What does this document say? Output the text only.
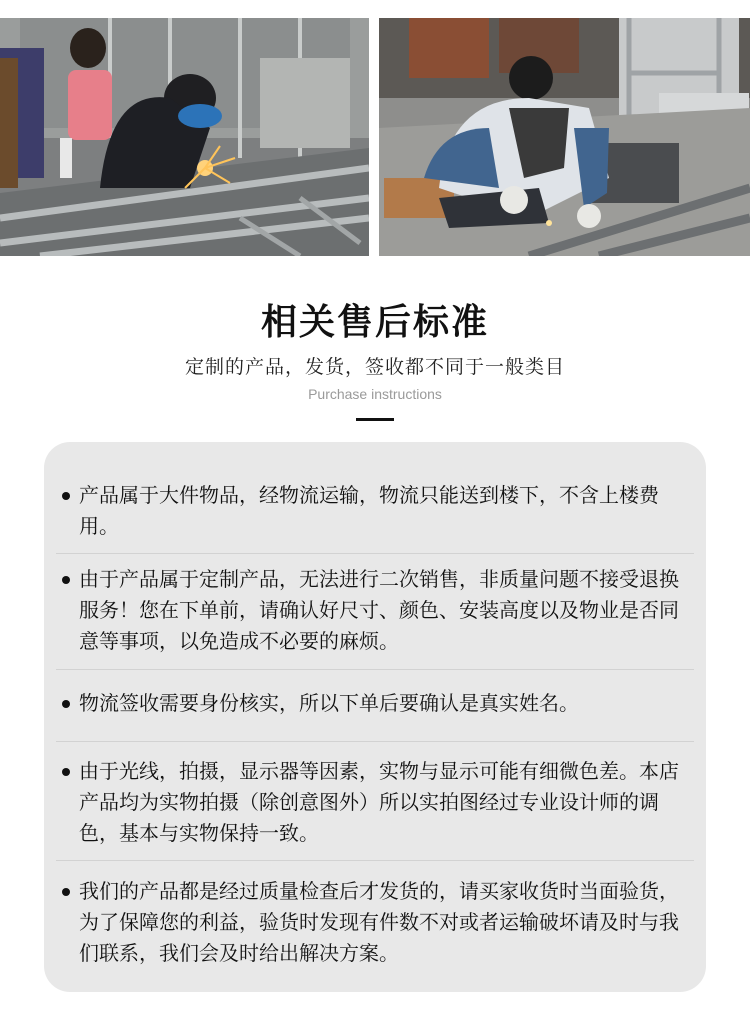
相关售后标准
定制的产品，发货，签收都不同于一般类目
Purchase instructions
产品属于大件物品，经物流运输，物流只能送到楼下，不含上楼费用。
由于产品属于定制产品，无法进行二次销售，非质量问题不接受退换服务！您在下单前，请确认好尺寸、颜色、安装高度以及物业是否同意等事项，以免造成不必要的麻烦。
物流签收需要身份核实，所以下单后要确认是真实姓名。
由于光线，拍摄，显示器等因素，实物与显示可能有细微色差。本店产品均为实物拍摄（除创意图外）所以实拍图经过专业设计师的调色，基本与实物保持一致。
我们的产品都是经过质量检查后才发货的，请买家收货时当面验货，为了保障您的利益，验货时发现有件数不对或者运输破坏请及时与我们联系，我们会及时给出解决方案。
